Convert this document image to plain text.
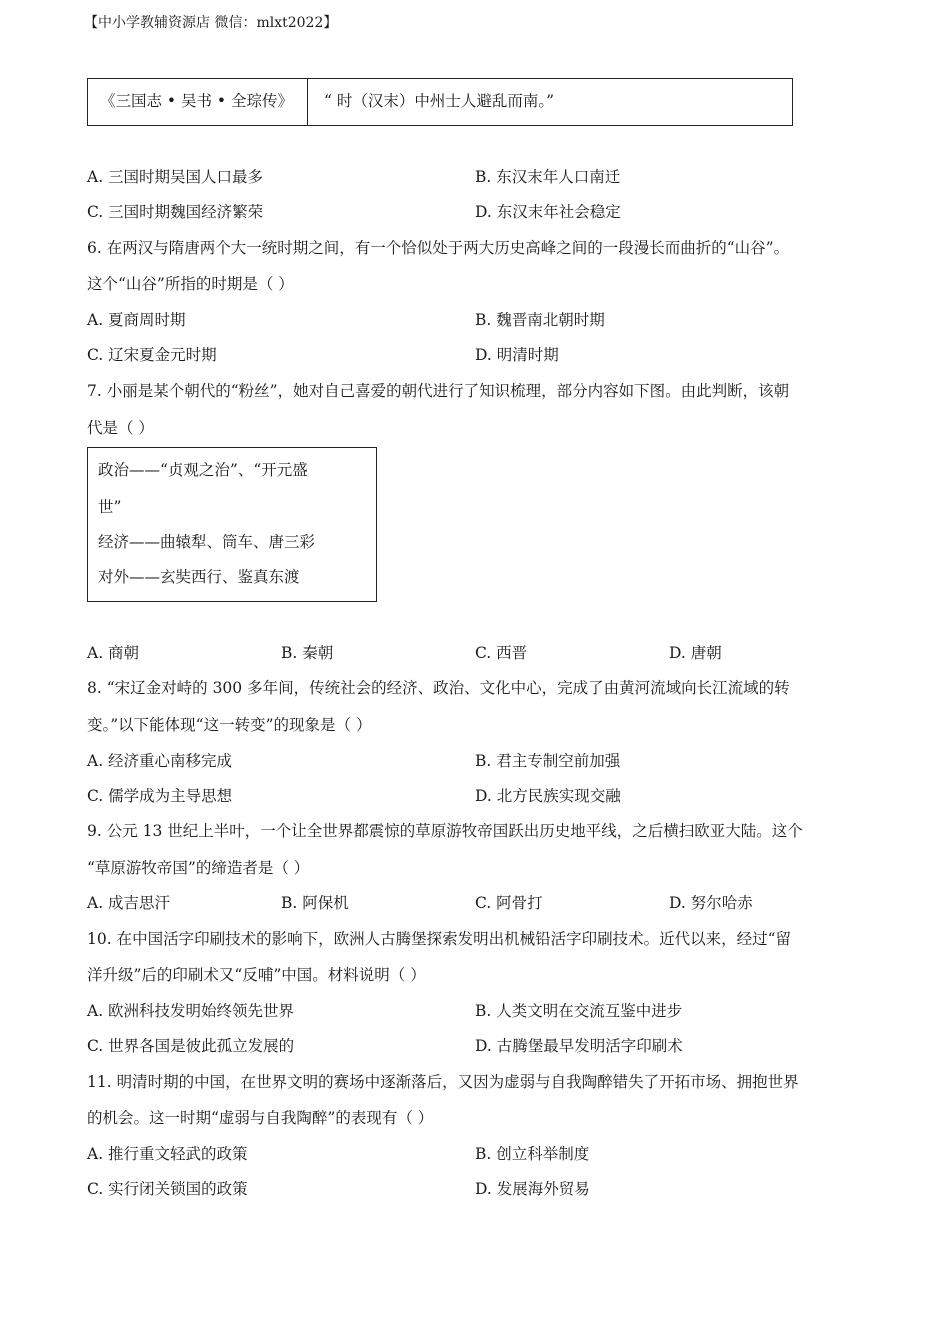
【中小学教辅资源店 微信：mlxt2022】
《三国志 • 吴书 • 全琮传》	“ 时（汉末）中州士人避乱而南。”
A. 三国时期吴国人口最多	B. 东汉末年人口南迁
C. 三国时期魏国经济繁荣	D. 东汉末年社会稳定
6. 在两汉与隋唐两个大一统时期之间，有一个恰似处于两大历史高峰之间的一段漫长而曲折的“山谷”。
这个“山谷”所指的时期是（ ）
A. 夏商周时期	B. 魏晋南北朝时期
C. 辽宋夏金元时期	D. 明清时期
7. 小丽是某个朝代的“粉丝”，她对自己喜爱的朝代进行了知识梳理，部分内容如下图。由此判断，该朝
代是（ ）
政治——“贞观之治”、“开元盛
世”
经济——曲辕犁、筒车、唐三彩
对外——玄奘西行、鉴真东渡
A. 商朝	B. 秦朝	C. 西晋	D. 唐朝
8. “宋辽金对峙的 300 多年间，传统社会的经济、政治、文化中心，完成了由黄河流域向长江流域的转
变。”以下能体现“这一转变”的现象是（ ）
A. 经济重心南移完成	B. 君主专制空前加强
C. 儒学成为主导思想	D. 北方民族实现交融
9. 公元 13 世纪上半叶，一个让全世界都震惊的草原游牧帝国跃出历史地平线，之后横扫欧亚大陆。这个
“草原游牧帝国”的缔造者是（ ）
A. 成吉思汗	B. 阿保机	C. 阿骨打	D. 努尔哈赤
10. 在中国活字印刷技术的影响下，欧洲人古腾堡探索发明出机械铅活字印刷技术。近代以来，经过“留
洋升级”后的印刷术又“反哺”中国。材料说明（ ）
A. 欧洲科技发明始终领先世界	B. 人类文明在交流互鉴中进步
C. 世界各国是彼此孤立发展的	D. 古腾堡最早发明活字印刷术
11. 明清时期的中国，在世界文明的赛场中逐渐落后，又因为虚弱与自我陶醉错失了开拓市场、拥抱世界
的机会。这一时期“虚弱与自我陶醉”的表现有（ ）
A. 推行重文轻武的政策	B. 创立科举制度
C. 实行闭关锁国的政策	D. 发展海外贸易
